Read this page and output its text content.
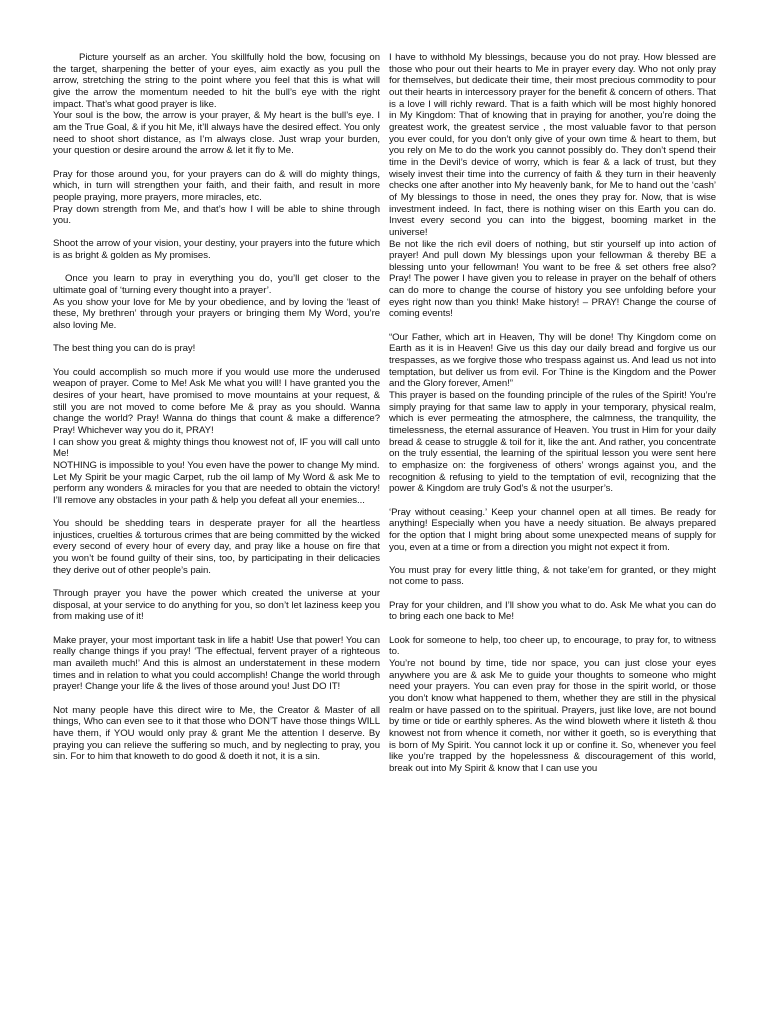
Picture yourself as an archer. You skillfully hold the bow, focusing on the target, sharpening the better of your eyes, aim exactly as you pull the arrow, stretching the string to the point where you feel that this is what will give the arrow the momentum needed to hit the bull’s eye with the right impact. That’s what good prayer is like.

Your soul is the bow, the arrow is your prayer, & My heart is the bull’s eye. I am the True Goal, & if you hit Me, it’ll always have the desired effect. You only need to shoot short distance, as I’m always close. Just wrap your burden, your question or desire around the arrow & let it fly to Me.

Pray for those around you, for your prayers can do & will do mighty things, which, in turn will strengthen your faith, and their faith, and result in more people praying, more prayers, more miracles, etc.

Pray down strength from Me, and that’s how I will be able to shine through you.

Shoot the arrow of your vision, your destiny, your prayers into the future which is as bright & golden as My promises.

Once you learn to pray in everything you do, you’ll get closer to the ultimate goal of ‘turning every thought into a prayer’.

As you show your love for Me by your obedience, and by loving the ‘least of these, My brethren’ through your prayers or bringing them My Word, you’re also loving Me.

The best thing you can do is pray!

You could accomplish so much more if you would use more the underused weapon of prayer. Come to Me! Ask Me what you will! I have granted you the desires of your heart, have promised to move mountains at your request, & still you are not moved to come before Me & pray as you should. Wanna change the world? Pray! Wanna do things that count & make a difference? Pray! Whichever way you do it, PRAY!

I can show you great & mighty things thou knowest not of, IF you will call unto Me!

NOTHING is impossible to you! You even have the power to change My mind.

Let My Spirit be your magic Carpet, rub the oil lamp of My Word & ask Me to perform any wonders & miracles for you that are needed to obtain the victory! I’ll remove any obstacles in your path & help you defeat all your enemies...

You should be shedding tears in desperate prayer for all the heartless injustices, cruelties & torturous crimes that are being committed by the wicked every second of every hour of every day, and pray like a house on fire that you won’t be found guilty of their sins, too, by participating in their delicacies they derive out of other people’s pain.

Through prayer you have the power which created the universe at your disposal, at your service to do anything for you, so don’t let laziness keep you from making use of it!

Make prayer, your most important task in life a habit! Use that power! You can really change things if you pray! ‘The effectual, fervent prayer of a righteous man availeth much!’ And this is almost an understatement in these modern times and in relation to what you could accomplish! Change the world through prayer! Change your life & the lives of those around you! Just DO IT!

Not many people have this direct wire to Me, the Creator & Master of all things, Who can even see to it that those who DON’T have those things WILL have them, if YOU would only pray & grant Me the attention I deserve. By praying you can relieve the suffering so much, and by neglecting to pray, you sin. For to him that knoweth to do good & doeth it not, it is a sin.

I have to withhold My blessings, because you do not pray. How blessed are those who pour out their hearts to Me in prayer every day. Who not only pray for themselves, but dedicate their time, their most precious commodity to pour out their hearts in intercessory prayer for the benefit & concern of others. That is a love I will richly reward. That is a faith which will be most highly honored in My Kingdom: That of knowing that in praying for another, you’re doing the greatest work, the greatest service , the most valuable favor to that person you ever could, for you don’t only give of your own time & heart to them, but you rely on Me to do the work you cannot possibly do. They don’t spend their time in the Devil’s device of worry, which is fear & a lack of trust, but they wisely invest their time into the currency of faith & they turn in their heavenly checks one after another into My heavenly bank, for Me to hand out the ‘cash’ of My blessings to those in need, the ones they pray for. Now, that is wise investment indeed. In fact, there is nothing wiser on this Earth you can do. Invest every second you can into the biggest, booming market in the universe!

Be not like the rich evil doers of nothing, but stir yourself up into action of prayer! And pull down My blessings upon your fellowman & thereby BE a blessing unto your fellowman! You want to be free & set others free also? Pray! The power I have given you to release in prayer on the behalf of others can do more to change the course of history you see unfolding before your eyes right now than you think! Make history! – PRAY! Change the course of coming events!

“Our Father, which art in Heaven, Thy will be done! Thy Kingdom come on Earth as it is in Heaven! Give us this day our daily bread and forgive us our trespasses, as we forgive those who trespass against us. And lead us not into temptation, but deliver us from evil. For Thine is the Kingdom and the Power and the Glory forever, Amen!”

This prayer is based on the founding principle of the rules of the Spirit! You’re simply praying for that same law to apply in your temporary, physical realm, which is ever permeating the atmosphere, the calmness, the tranquility, the timelessness, the eternal assurance of Heaven. You trust in Him for your daily bread & cease to struggle & toil for it, like the ant. And rather, you concentrate on the truly essential, the learning of the spiritual lesson you were sent here to emphasize on: the forgiveness of others’ wrongs against you, and the recognition & refusing to yield to the temptation of evil, recognizing that the power & Kingdom are truly God’s & not the usurper’s.

‘Pray without ceasing.’ Keep your channel open at all times. Be ready for anything! Especially when you have a needy situation. Be always prepared for the option that I might bring about some unexpected means of supply for you, even at a time or from a direction you might not expect it from.

You must pray for every little thing, & not take’em for granted, or they might not come to pass.

Pray for your children, and I’ll show you what to do. Ask Me what you can do to bring each one back to Me!

Look for someone to help, too cheer up, to encourage, to pray for, to witness to.

You’re not bound by time, tide nor space, you can just close your eyes anywhere you are & ask Me to guide your thoughts to someone who might need your prayers. You can even pray for those in the spirit world, or those you don’t know what happened to them, whether they are still in the physical realm or have passed on to the spiritual. Prayers, just like love, are not bound by time or tide or earthly spheres. As the wind bloweth where it listeth & thou knowest not from whence it cometh, nor wither it goeth, so is everything that is born of My Spirit. You cannot lock it up or confine it. So, whenever you feel like you’re trapped by the hopelessness & discouragement of this world, break out into My Spirit & know that I can use you
